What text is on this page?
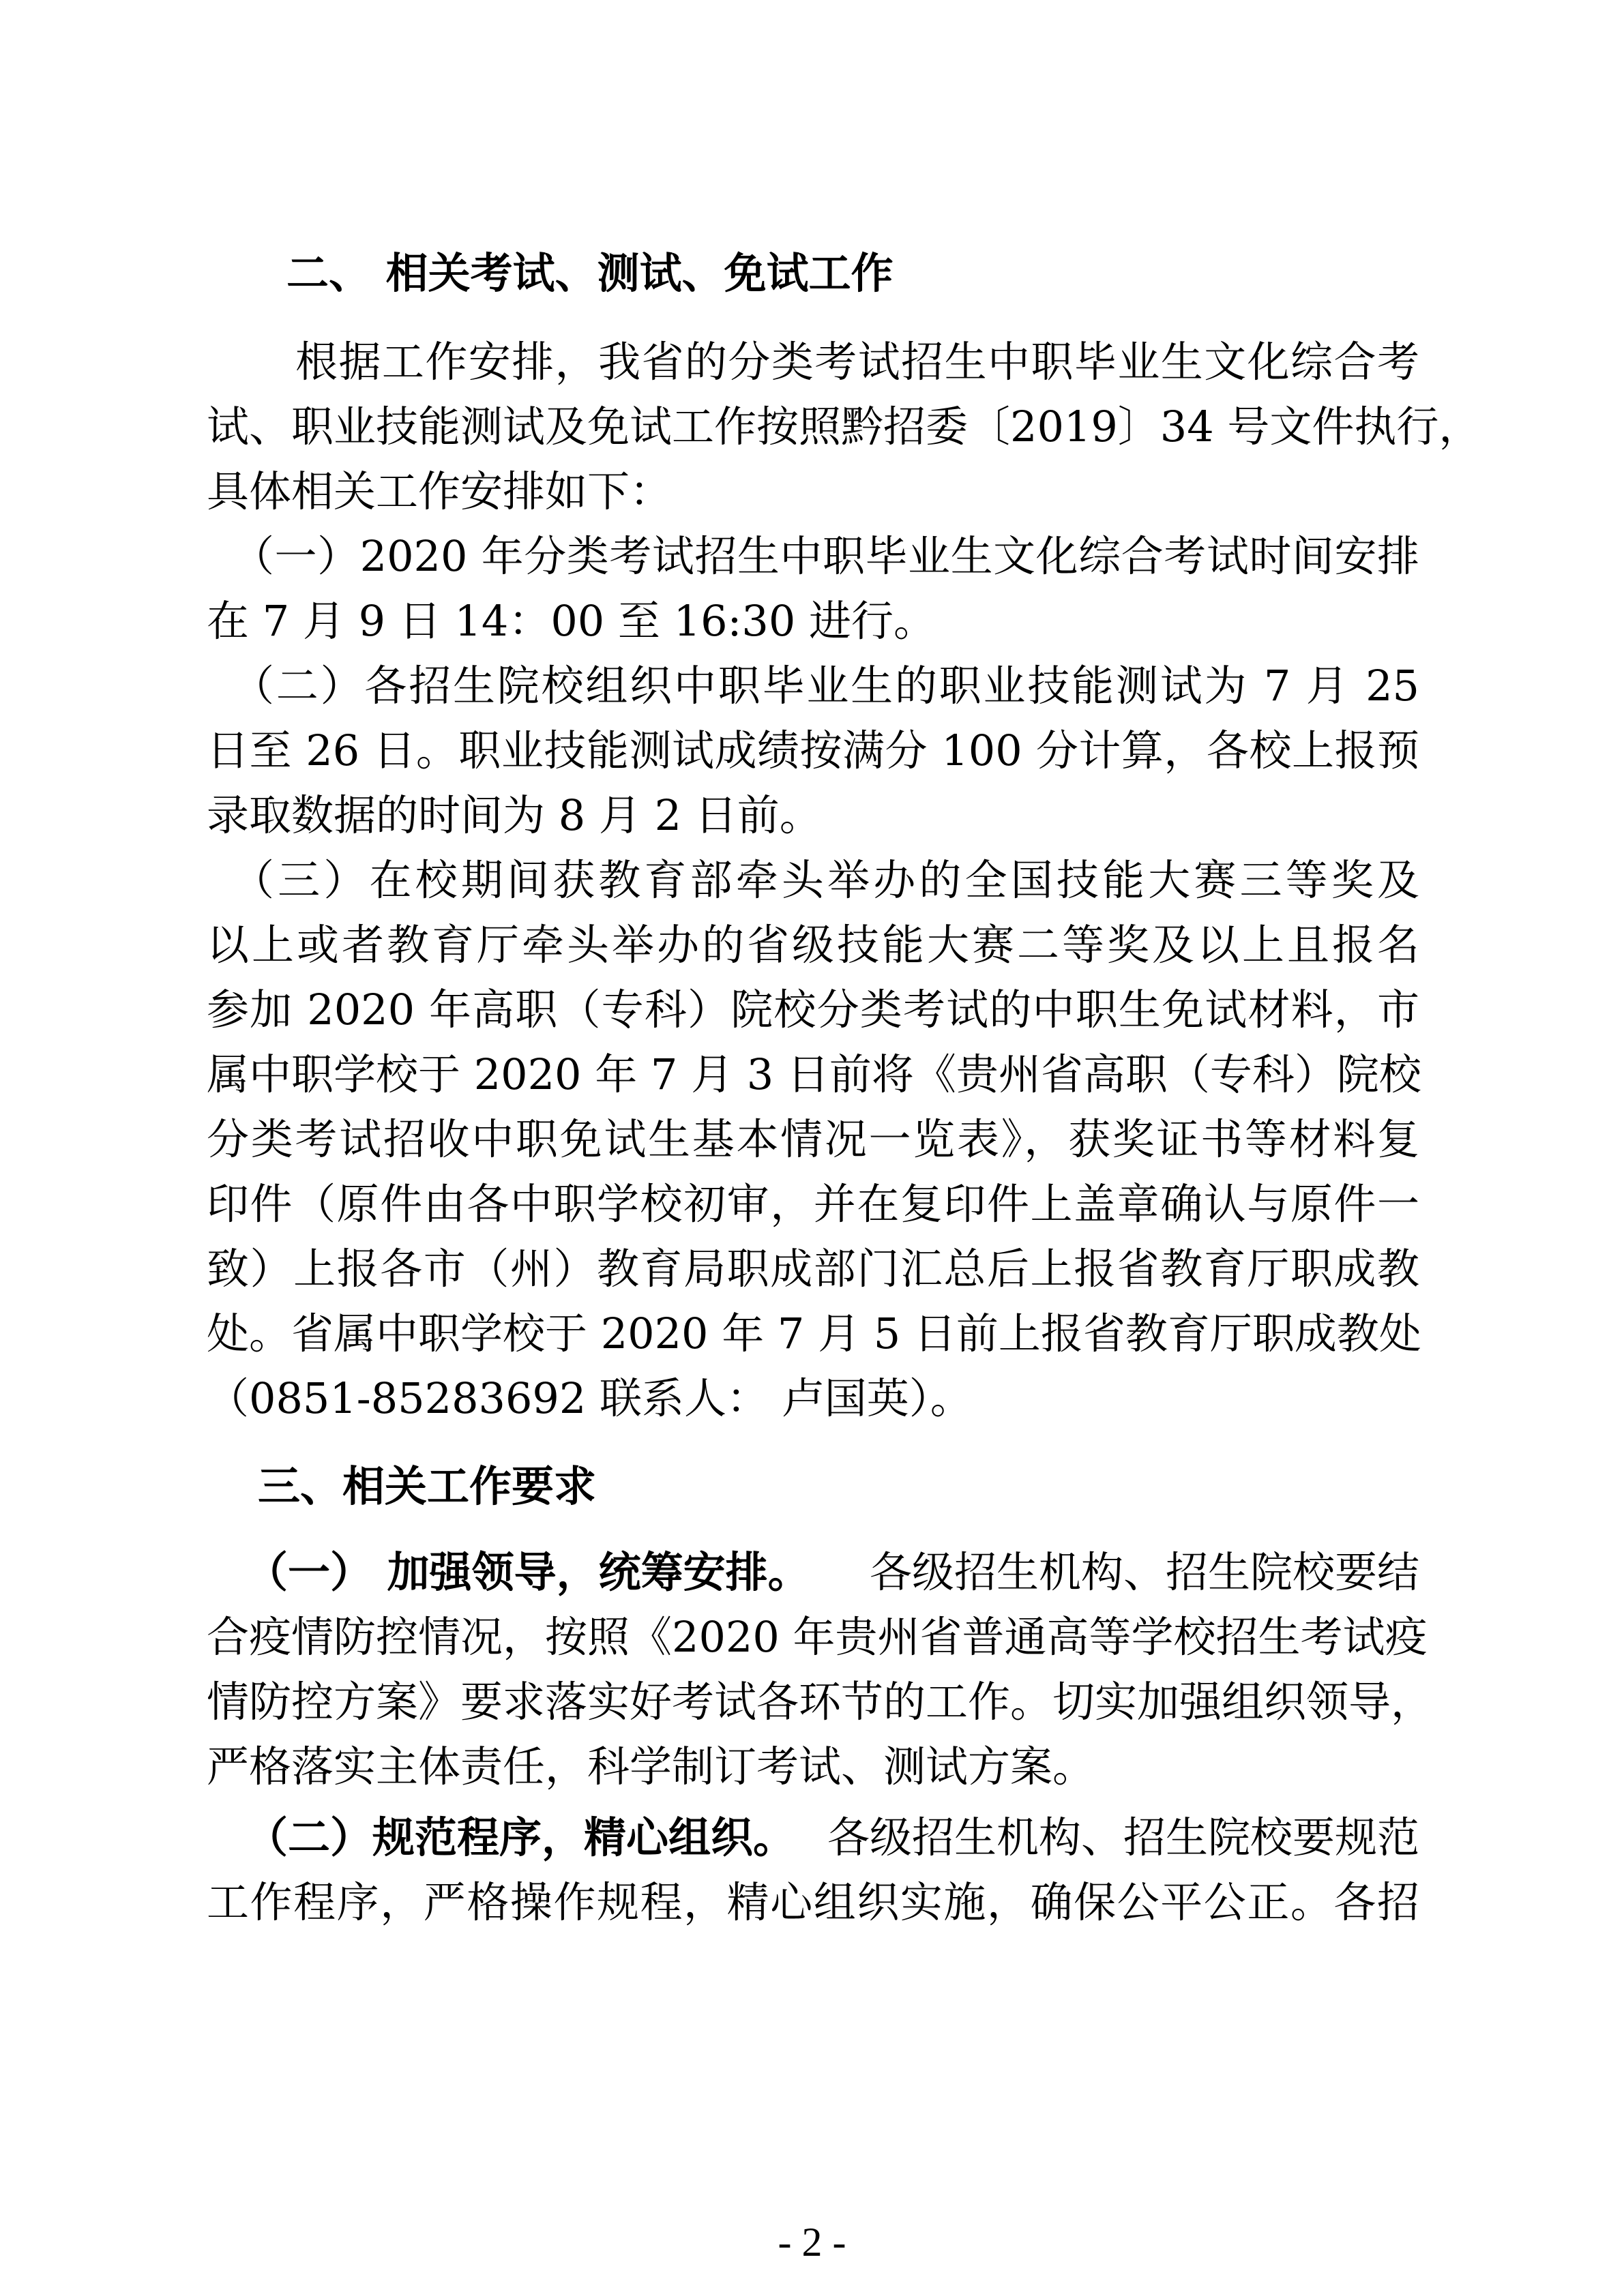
二、 相关考试、测试、免试工作
根据工作安排，我省的分类考试招生中职毕业生文化综合考
试、职业技能测试及免试工作按照黔招委〔2019〕34 号文件执行，
具体相关工作安排如下：
（一）2020 年分类考试招生中职毕业生文化综合考试时间安排
在 7 月 9 日 14：00 至 16:30 进行。
（二）各招生院校组织中职毕业生的职业技能测试为 7 月 25
日至 26 日。职业技能测试成绩按满分 100 分计算，各校上报预
录取数据的时间为 8 月 2 日前。
（三）在校期间获教育部牵头举办的全国技能大赛三等奖及
以上或者教育厅牵头举办的省级技能大赛二等奖及以上且报名
参加 2020 年高职（专科）院校分类考试的中职生免试材料，市
属中职学校于 2020 年 7 月 3 日前将《贵州省高职（专科）院校
分类考试招收中职免试生基本情况一览表》，获奖证书等材料复
印件（原件由各中职学校初审，并在复印件上盖章确认与原件一
致）上报各市（州）教育局职成部门汇总后上报省教育厅职成教
处。省属中职学校于 2020 年 7 月 5 日前上报省教育厅职成教处
（0851-85283692 联系人： 卢国英）。
三、相关工作要求
（一） 加强领导，统筹安排。 各级招生机构、招生院校要结
合疫情防控情况，按照《2020 年贵州省普通高等学校招生考试疫
情防控方案》要求落实好考试各环节的工作。切实加强组织领导，
严格落实主体责任，科学制订考试、测试方案。
（二）规范程序，精心组织。 各级招生机构、招生院校要规范
工作程序，严格操作规程，精心组织实施，确保公平公正。各招
- 2 -
